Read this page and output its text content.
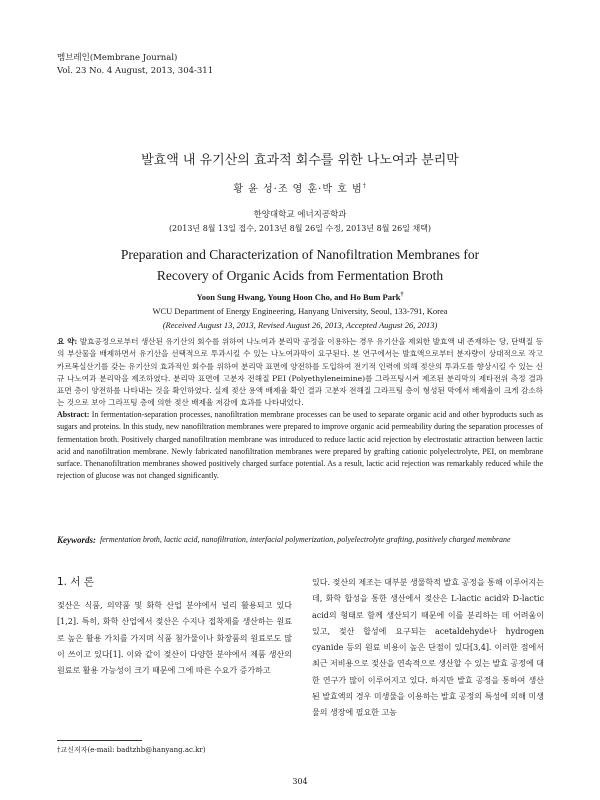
멤브레인(Membrane Journal)
Vol. 23 No. 4 August, 2013, 304-311
발효액 내 유기산의 효과적 회수를 위한 나노여과 분리막
황 윤 성·조 영 훈·박 호 범†
한양대학교 에너지공학과
(2013년 8월 13일 접수, 2013년 8월 26일 수정, 2013년 8월 26일 채택)
Preparation and Characterization of Nanofiltration Membranes for
Recovery of Organic Acids from Fermentation Broth
Yoon Sung Hwang, Young Hoon Cho, and Ho Bum Park†
WCU Department of Energy Engineering, Hanyang University, Seoul, 133-791, Korea
(Received August 13, 2013, Revised August 26, 2013, Accepted August 26, 2013)
요 약: 발효공정으로부터 생산된 유기산의 회수를 위하여 나노여과 분리막 공정을 이용하는 경우 유기산을 제외한 발효액 내 존재하는 당, 단백질 등의 부산물을 배제하면서 유기산을 선택적으로 투과시킬 수 있는 나노여과막이 요구된다. 본 연구에서는 발효액으로부터 분자량이 상대적으로 작고 카르복실산기를 갖는 유기산의 효과적인 회수를 위하여 분리막 표면에 양전하를 도입하여 전기적 인력에 의해 젖산의 투과도를 향상시킬 수 있는 신규 나노여과 분리막을 제조하였다. 분리막 표면에 고분자 전해질 PEI (Polyethyleneimine)를 그라프팅시켜 제조된 분리막의 제타전위 측정 결과 표면 층이 양전하를 나타내는 것을 확인하였다. 실제 젖산 용액 배제율 확인 결과 고분자 전해질 그라프팅 층이 형성된 막에서 배제율이 크게 감소하는 것으로 보아 그라프팅 층에 의한 젖산 배제율 저감에 효과를 나타내었다.
Abstract: In fermentation-separation processes, nanofiltration membrane processes can be used to separate organic acid and other byproducts such as sugars and proteins. In this study, new nanofiltration membranes were prepared to improve organic acid permeability during the separation processes of fermentation broth. Positively charged nanofiltration membrane was introduced to reduce lactic acid rejection by electrostatic attraction between lactic acid and nanofiltration membrane. Newly fabricated nanofiltration membranes were prepared by grafting cationic polyelectrolyte, PEI, on membrane surface. Thenanofiltration membranes showed positively charged surface potential. As a result, lactic acid rejection was remarkably reduced while the rejection of glucose was not changed significantly.
Keywords: fermentation broth, lactic acid, nanofiltration, interfacial polymerization, polyelectrolyte grafting, positively charged membrane
1. 서 론
젖산은 식품, 의약품 및 화학 산업 분야에서 널리 활용되고 있다[1,2]. 특히, 화학 산업에서 젖산은 수지나 접착제를 생산하는 원료로 높은 활용 가치를 가지며 식품 첨가물이나 화장품의 원료로도 많이 쓰이고 있다[1]. 이와 같이 젖산이 다양한 분야에서 제품 생산의 원료로 활용 가능성이 크기 때문에 그에 따른 수요가 증가하고
있다. 젖산의 제조는 대부분 생물학적 발효 공정을 통해 이루어지는데, 화학 합성을 통한 생산에서 젖산은 L-lactic acid와 D-lactic acid의 형태로 함께 생산되기 때문에 이를 분리하는 데 어려움이 있고, 젖산 합성에 요구되는 acetaldehyde나 hydrogen cyanide 등의 원료 비용이 높은 단점이 있다[3,4]. 이러한 점에서 최근 저비용으로 젖산을 연속적으로 생산할 수 있는 발효 공정에 대한 연구가 많이 이루어지고 있다. 하지만 발효 공정을 통하여 생산된 발효액의 경우 미생물을 이용하는 발효 공정의 특성에 의해 미생물의 생장에 필요한 고농
†교신저자(e-mail: badtzhb@hanyang.ac.kr)
304
